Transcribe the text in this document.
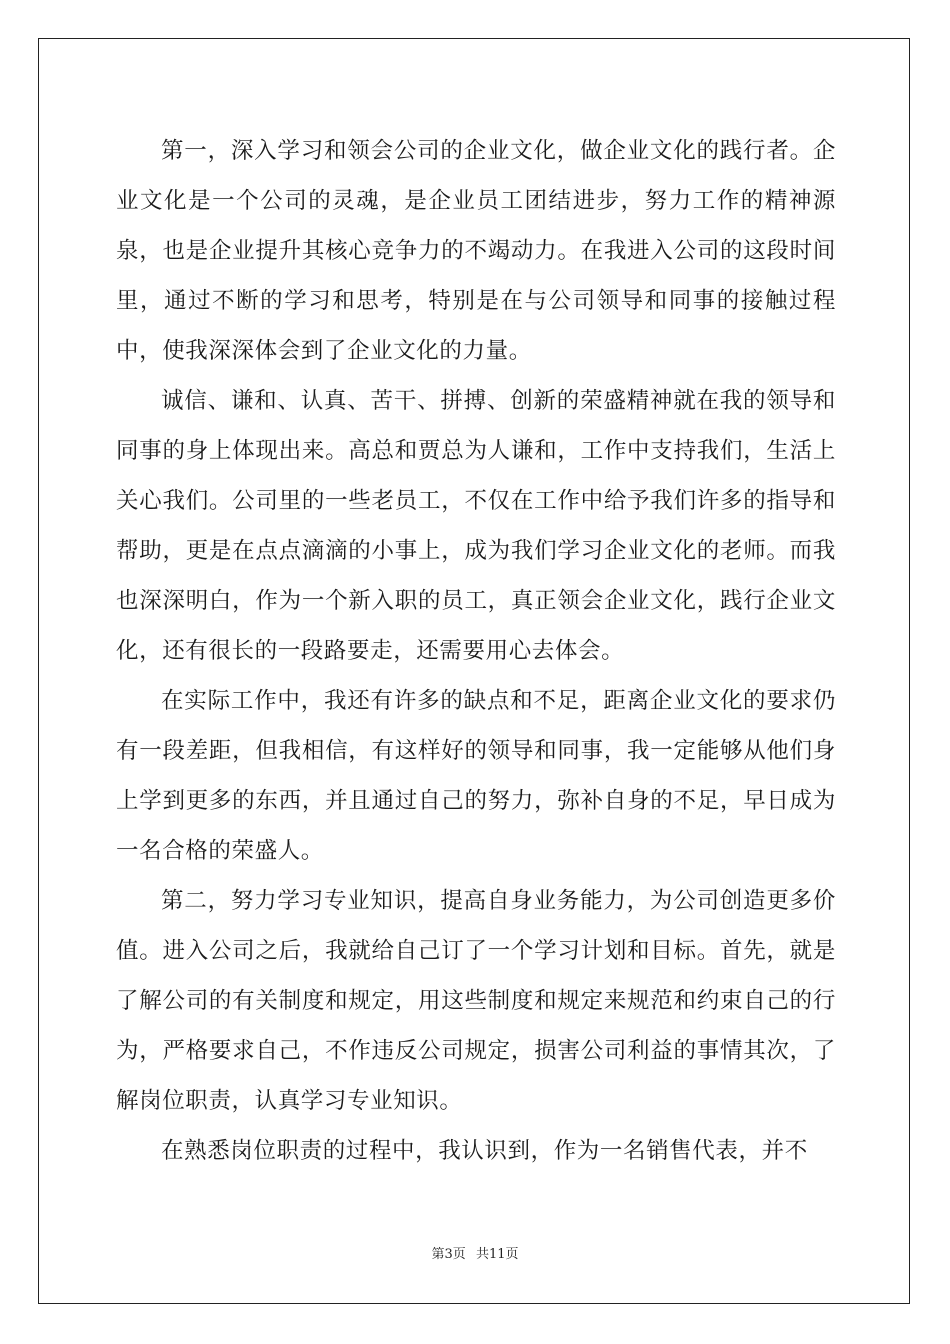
第一，深入学习和领会公司的企业文化，做企业文化的践行者。企业文化是一个公司的灵魂，是企业员工团结进步，努力工作的精神源泉，也是企业提升其核心竞争力的不竭动力。在我进入公司的这段时间里，通过不断的学习和思考，特别是在与公司领导和同事的接触过程中，使我深深体会到了企业文化的力量。

诚信、谦和、认真、苦干、拼搏、创新的荣盛精神就在我的领导和同事的身上体现出来。高总和贾总为人谦和，工作中支持我们，生活上关心我们。公司里的一些老员工，不仅在工作中给予我们许多的指导和帮助，更是在点点滴滴的小事上，成为我们学习企业文化的老师。而我也深深明白，作为一个新入职的员工，真正领会企业文化，践行企业文化，还有很长的一段路要走，还需要用心去体会。

在实际工作中，我还有许多的缺点和不足，距离企业文化的要求仍有一段差距，但我相信，有这样好的领导和同事，我一定能够从他们身上学到更多的东西，并且通过自己的努力，弥补自身的不足，早日成为一名合格的荣盛人。

第二，努力学习专业知识，提高自身业务能力，为公司创造更多价值。进入公司之后，我就给自己订了一个学习计划和目标。首先，就是了解公司的有关制度和规定，用这些制度和规定来规范和约束自己的行为，严格要求自己，不作违反公司规定，损害公司利益的事情其次，了解岗位职责，认真学习专业知识。

在熟悉岗位职责的过程中，我认识到，作为一名销售代表，并不

第3页 共11页
